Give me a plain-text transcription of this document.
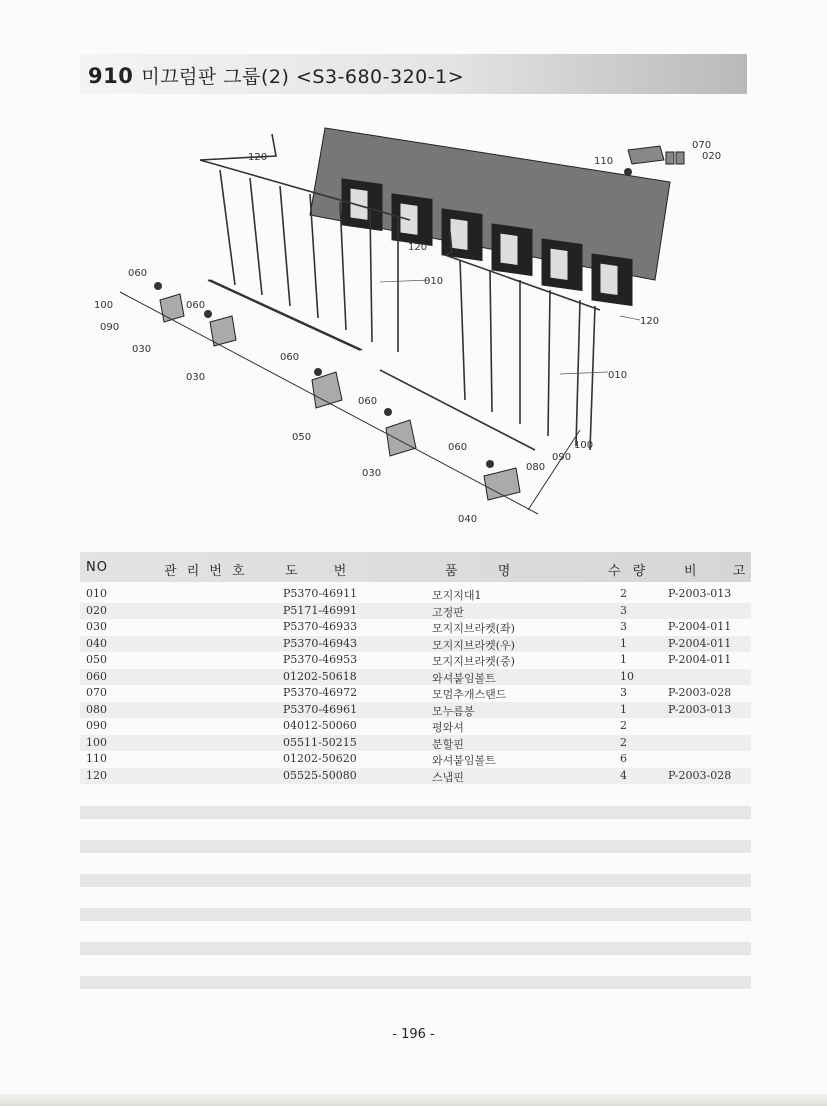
910 미끄럼판 그룹(2) <S3-680-320-1>
120	110
070
020
120
010
120
010
060
100	060
090
030
030
060
060
050
060	100
090
080
030
040
NO	관 리 번 호	도 번	품 명	수 량	비 고
010	P5370-46911	모지지대1	2	P-2003-013
020	P5171-46991	고정판	3
030	P5370-46933	모지지브라켓(좌)	3	P-2004-011
040	P5370-46943	모지지브라켓(우)	1	P-2004-011
050	P5370-46953	모지지브라켓(중)	1	P-2004-011
060	01202-50618	와셔붙임볼트	10
070	P5370-46972	모멈추개스탠드	3	P-2003-028
080	P5370-46961	모누름봉	1	P-2003-013
090	04012-50060	평와셔	2
100	05511-50215	분할핀	2
110	01202-50620	와셔붙임볼트	6
120	05525-50080	스냅핀	4	P-2003-028
- 196 -
